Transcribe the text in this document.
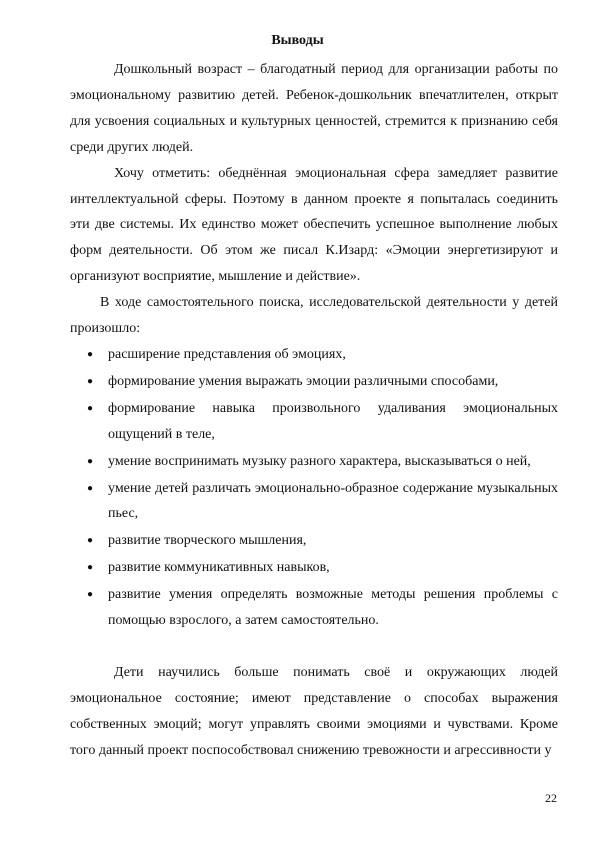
Выводы

Дошкольный возраст – благодатный период для организации работы по эмоциональному развитию детей. Ребенок-дошкольник впечатлителен, открыт для усвоения социальных и культурных ценностей, стремится к признанию себя среди других людей.

Хочу отметить: обеднённая эмоциональная сфера замедляет развитие интеллектуальной сферы. Поэтому в данном проекте я попыталась соединить эти две системы. Их единство может обеспечить успешное выполнение любых форм деятельности. Об этом же писал К.Изард: «Эмоции энергетизируют и организуют восприятие, мышление и действие».

В ходе самостоятельного поиска, исследовательской деятельности у детей произошло:

● расширение представления об эмоциях,
● формирование умения выражать эмоции различными способами,
● формирование навыка произвольного удаливания эмоциональных ощущений в теле,
● умение воспринимать музыку разного характера, высказываться о ней,
● умение детей различать эмоционально-образное содержание музыкальных пьес,
● развитие творческого мышления,
● развитие коммуникативных навыков,
● развитие умения определять возможные методы решения проблемы с помощью взрослого, а затем самостоятельно.

Дети научились больше понимать своё и окружающих людей эмоциональное состояние; имеют представление о способах выражения собственных эмоций; могут управлять своими эмоциями и чувствами. Кроме того данный проект поспособствовал снижению тревожности и агрессивности у

22
